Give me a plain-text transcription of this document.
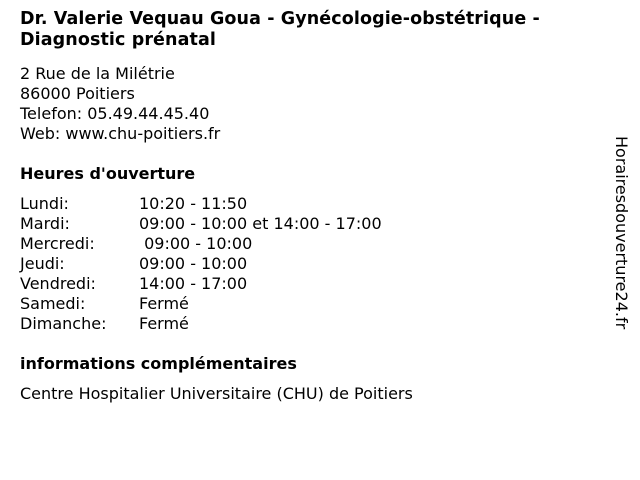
Dr. Valerie Vequau Goua - Gynécologie-obstétrique - Diagnostic prénatal
2 Rue de la Milétrie
86000 Poitiers
Telefon: 05.49.44.45.40
Web: www.chu-poitiers.fr
Heures d'ouverture
Lundi:	10:20 - 11:50
Mardi:	09:00 - 10:00 et 14:00 - 17:00
Mercredi:	09:00 - 10:00
Jeudi:	09:00 - 10:00
Vendredi:	14:00 - 17:00
Samedi:	Fermé
Dimanche:	Fermé
informations complémentaires
Centre Hospitalier Universitaire (CHU) de Poitiers
Horairesdouverture24.fr
